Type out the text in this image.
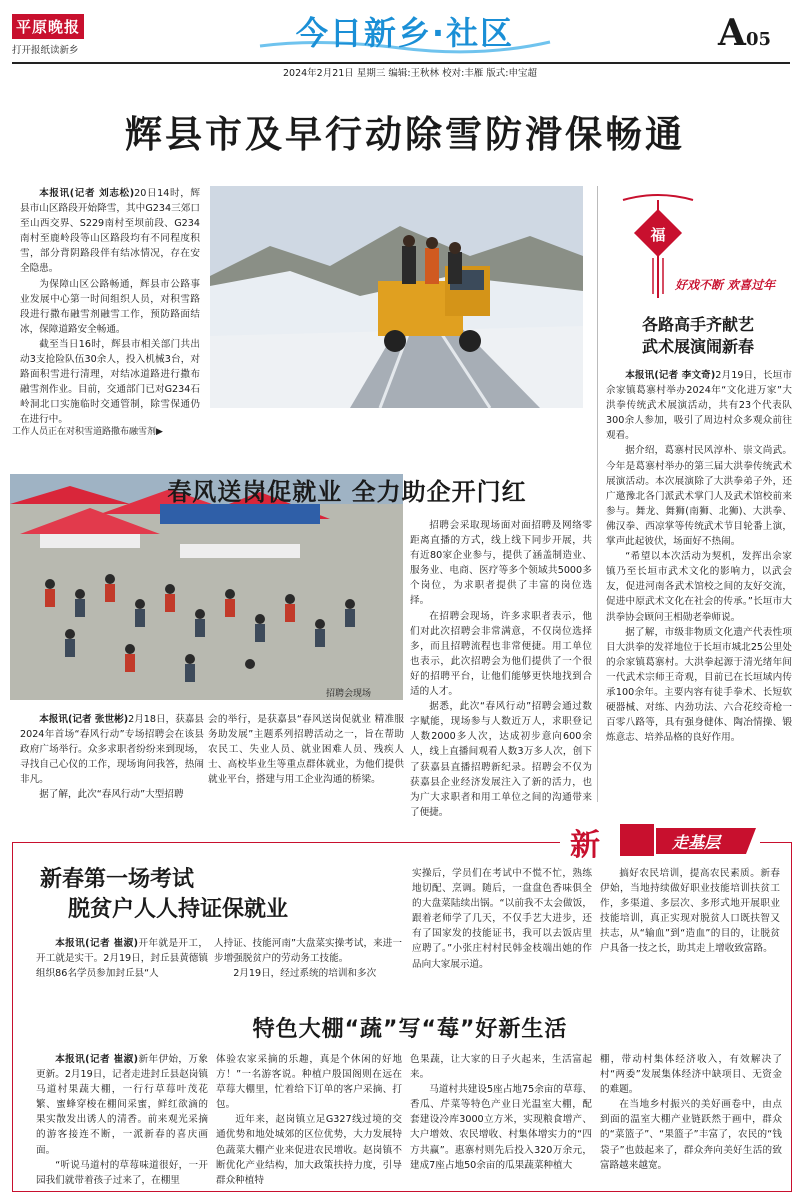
平原晚报
打开报纸读新乡	今日新乡·社区	A05
2024年2月21日 星期三 编辑:王秋林 校对:丰雁 版式:申宝超
辉县市及早行动除雪防滑保畅通

本报讯(记者 刘志松)20日14时，辉县市山区路段开始降雪，其中G234三郊口至山西交界、S229南村至坝前段、G234南村至鹿岭段等山区路段均有不同程度积雪，部分背阴路段伴有结冰情况，存在安全隐患。

为保障山区公路畅通，辉县市公路事业发展中心第一时间组织人员，对积雪路段进行撒布融雪剂融雪工作，预防路面结冰，保障道路安全畅通。

截至当日16时，辉县市相关部门共出动3支抢险队伍30余人，投入机械3台，对路面积雪进行清理，对结冰道路进行撒布融雪剂作业。目前，交通部门已对G234石岭洞北口实施临时交通管制，除雪保通仍在进行中。

工作人员正在对积雪道路撒布融雪剂▶
福
好戏不断 欢喜过年
各路高手齐献艺
武术展演闹新春

本报讯(记者 李文奇)2月19日，长垣市佘家镇葛寨村举办2024年“文化进万家”大洪拳传统武术展演活动，共有23个代表队300余人参加，吸引了周边村众多观众前往观看。

据介绍，葛寨村民风淳朴、崇文尚武。今年是葛寨村举办的第三届大洪拳传统武术展演活动。本次展演除了大洪拳弟子外，还广邀豫北各门派武术掌门人及武术馆校前来参与。舞龙、舞狮(南狮、北狮)、大洪拳、佛汉拳、西凉掌等传统武术节目轮番上演，掌声此起彼伏，场面好不热闹。

“希望以本次活动为契机，发挥出佘家镇乃至长垣市武术文化的影响力，以武会友，促进河南各武术馆校之间的友好交流，促进中原武术文化在社会的传承。”长垣市大洪拳协会顾问王相勋老拳师说。

据了解，市级非物质文化遗产代表性项目大洪拳的发祥地位于长垣市城北25公里处的佘家镇葛寨村。大洪拳起源于清光绪年间一代武术宗师王奇观，目前已在长垣域内传承100余年。主要内容有徒手拳术、长短软硬器械、对练、内劲功法、六合花绞奇枪一百零八路等，具有强身健体、陶冶情操、锻炼意志、培养品格的良好作用。

春风送岗促就业 全力助企开门红
招聘会现场

招聘会采取现场面对面招聘及网络零距离直播的方式，线上线下同步开展，共有近80家企业参与，提供了涵盖制造业、服务业、电商、医疗等多个领域共5000多个岗位，为求职者提供了丰富的岗位选择。

在招聘会现场，许多求职者表示，他们对此次招聘会非常满意，不仅岗位选择多，而且招聘流程也非常便捷。用工单位也表示，此次招聘会为他们提供了一个很好的招聘平台，让他们能够更快地找到合适的人才。

据悉，此次“春风行动”招聘会通过数字赋能，现场参与人数近万人，求职登记人数2000多人次，达成初步意向600余人，线上直播间观看人数3万多人次，创下了获嘉县直播招聘新纪录。招聘会不仅为获嘉县企业经济发展注入了新的活力，也为广大求职者和用工单位之间的沟通带来了便捷。

本报讯(记者 张世彬)2月18日，获嘉县2024年首场“春风行动”专场招聘会在该县政府广场举行。众多求职者纷纷来到现场，寻找自己心仪的工作，现场询问我答，热闹非凡。

据了解，此次“春风行动”大型招聘

会的举行，是获嘉县“春风送岗促就业 精准服务助发展”主题系列招聘活动之一，旨在帮助农民工、失业人员、就业困难人员、残疾人士、高校毕业生等重点群体就业，为他们提供就业平台，搭建与用工企业沟通的桥梁。

新	走基层
新春第一场考试
脱贫户人人持证保就业

本报讯(记者 崔淑)开年就是开工，开工就是实干。2月19日，封丘县黄德镇组织86名学员参加封丘县“人

人持证、技能河南”大盘菜实操考试，来进一步增强脱贫户的劳动务工技能。

2月19日，经过系统的培训和多次

实操后，学员们在考试中不慌不忙，熟练地切配、烹调。随后，一盘盘色香味俱全的大盘菜陆续出锅。“以前我不太会做饭，跟着老师学了几天，不仅手艺大进步，还有了国家发的技能证书，我可以去饭店里应聘了。”小张庄村村民韩金枝端出她的作品向大家展示道。

搞好农民培训，提高农民素质。新春伊始，当地持续做好职业技能培训扶贫工作，多渠道、多层次、多形式地开展职业技能培训，真正实现对脱贫人口既扶智又扶志，从“输血”到“造血”的目的，让脱贫户具备一技之长，助其走上增收致富路。

特色大棚“蔬”写“莓”好新生活

本报讯(记者 崔淑)新年伊始，万象更新。2月19日，记者走进封丘县赵岗镇马道村果蔬大棚，一行行草莓叶茂花繁、蜜蜂穿梭在棚间采蜜，鲜红欲滴的果实散发出诱人的清香。前来观光采摘的游客接连不断，一派新春的喜庆画面。

“听说马道村的草莓味道很好，一开园我们就带着孩子过来了，在棚里

体验农家采摘的乐趣，真是个休闲的好地方！”一名游客说。种植户殷国阁则在远在草莓大棚里，忙着给下订单的客户采摘、打包。

近年来，赵岗镇立足G327线过境的交通优势和地处城郊的区位优势，大力发展特色蔬菜大棚产业来促进农民增收。赵岗镇不断优化产业结构，加大政策扶持力度，引导群众种植特

色果蔬，让大家的日子火起来，生活富起来。

马道村共建设5座占地75余亩的草莓、香瓜、芹菜等特色产业日光温室大棚，配套建设冷库3000立方米，实现粮食增产、大户增效、农民增收、村集体增实力的“四方共赢”。惠寨村则先后投入320万余元，建成7座占地50余亩的瓜果蔬菜种植大

棚，带动村集体经济收入，有效解决了村“两委”发展集体经济中缺项目、无资金的难题。

在当地乡村振兴的美好画卷中，由点到面的温室大棚产业链跃然于画中，群众的“菜篮子”、“果篮子”丰富了，农民的“钱袋子”也鼓起来了，群众奔向美好生活的致富路越来越宽。
